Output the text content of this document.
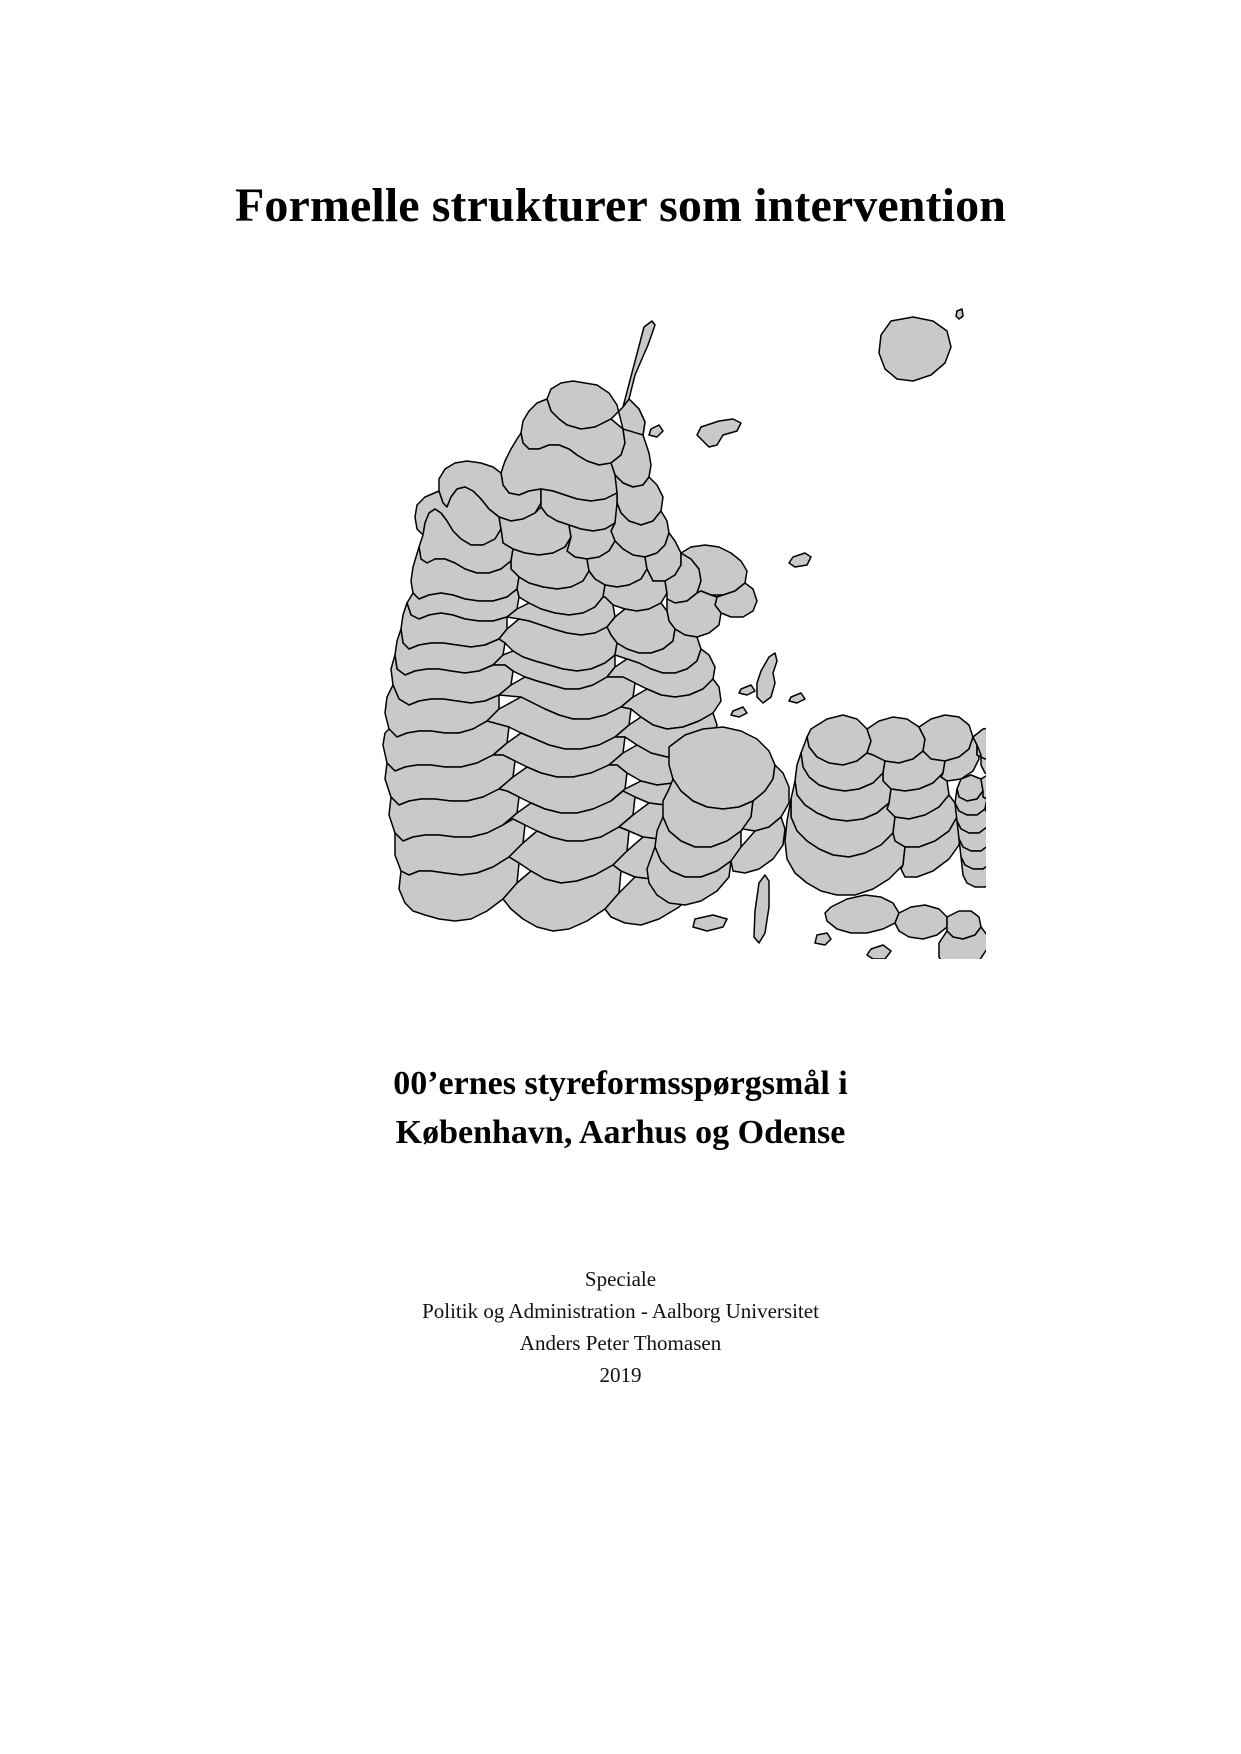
Formelle strukturer som intervention

00’ernes styreformsspørgsmål i

København, Aarhus og Odense

Speciale

Politik og Administration - Aalborg Universitet

Anders Peter Thomasen

2019
